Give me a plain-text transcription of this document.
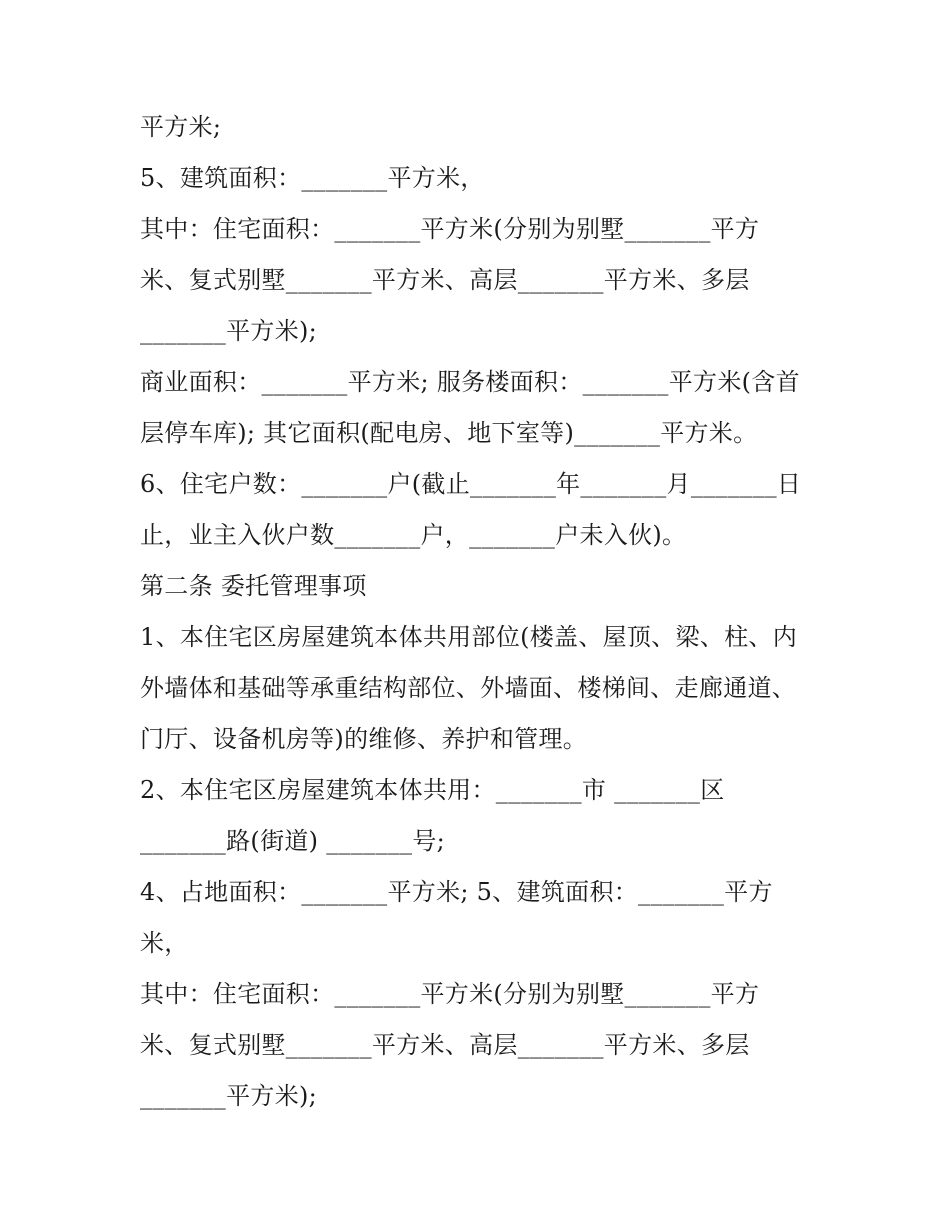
平方米;
5、建筑面积：_______平方米，
其中：住宅面积：_______平方米(分别为别墅_______平方
米、复式别墅_______平方米、高层_______平方米、多层
_______平方米);
商业面积：_______平方米; 服务楼面积：_______平方米(含首
层停车库); 其它面积(配电房、地下室等)_______平方米。
6、住宅户数：_______户(截止_______年_______月_______日
止，业主入伙户数_______户，_______户未入伙)。
第二条 委托管理事项
1、本住宅区房屋建筑本体共用部位(楼盖、屋顶、梁、柱、内
外墙体和基础等承重结构部位、外墙面、楼梯间、走廊通道、
门厅、设备机房等)的维修、养护和管理。
2、本住宅区房屋建筑本体共用：_______市 _______区
_______路(街道) _______号;
4、占地面积：_______平方米; 5、建筑面积：_______平方
米，
其中：住宅面积：_______平方米(分别为别墅_______平方
米、复式别墅_______平方米、高层_______平方米、多层
_______平方米);
